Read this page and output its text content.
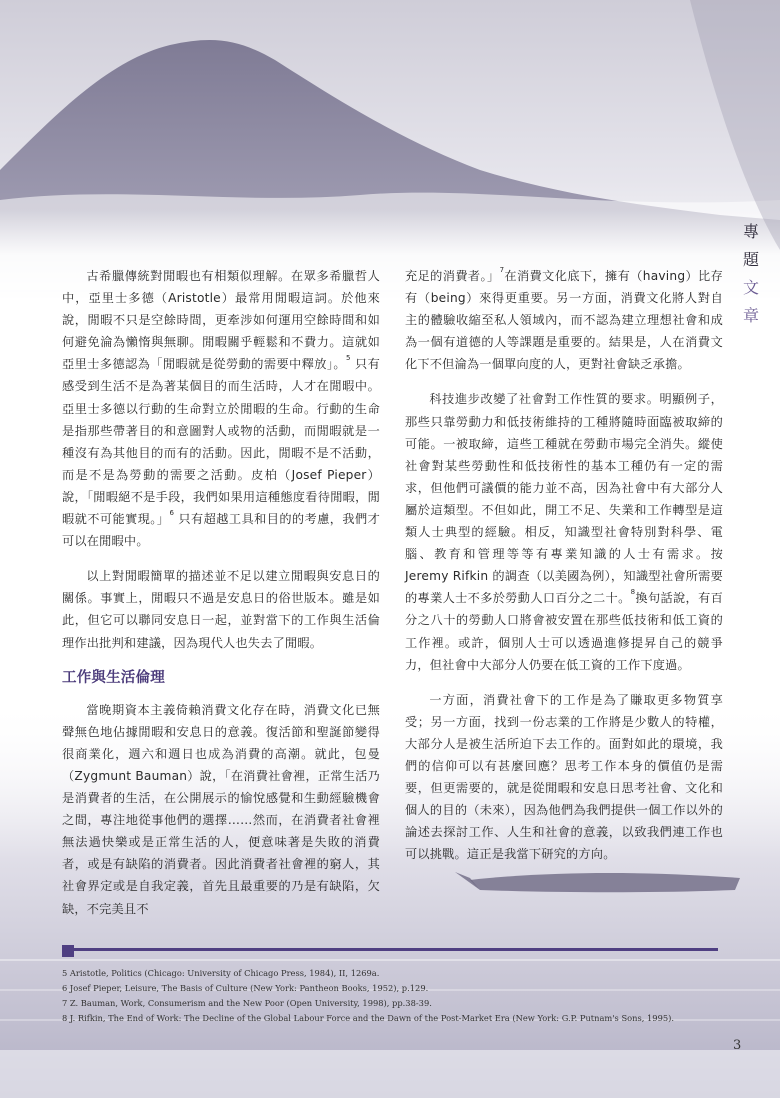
專
題
文
章

古希臘傳統對閒暇也有相類似理解。在眾多希臘哲人中，亞里士多德（Aristotle）最常用閒暇這詞。於他來說，閒暇不只是空餘時間，更牽涉如何運用空餘時間和如何避免淪為懶惰與無聊。閒暇關乎輕鬆和不費力。這就如亞里士多德認為「閒暇就是從勞動的需要中釋放」。$^5$ 只有感受到生活不是為著某個目的而生活時，人才在閒暇中。亞里士多德以行動的生命對立於閒暇的生命。行動的生命是指那些帶著目的和意圖對人或物的活動，而閒暇就是一種沒有為其他目的而有的活動。因此，閒暇不是不活動，而是不是為勞動的需要之活動。皮柏（Josef Pieper）說，「閒暇絕不是手段，我們如果用這種態度看待閒暇，閒暇就不可能實現。」$^6$ 只有超越工具和目的的考慮，我們才可以在閒暇中。

以上對閒暇簡單的描述並不足以建立閒暇與安息日的關係。事實上，閒暇只不過是安息日的俗世版本。雖是如此，但它可以聯同安息日一起，並對當下的工作與生活倫理作出批判和建議，因為現代人也失去了閒暇。

工作與生活倫理

當晚期資本主義倚賴消費文化存在時，消費文化已無聲無色地佔據閒暇和安息日的意義。復活節和聖誕節變得很商業化，週六和週日也成為消費的高潮。就此，包曼（Zygmunt Bauman）說，「在消費社會裡，正常生活乃是消費者的生活，在公開展示的愉悅感覺和生動經驗機會之間，專注地從事他們的選擇……然而，在消費者社會裡無法過快樂或是正常生活的人，便意味著是失敗的消費者，或是有缺陷的消費者。因此消費者社會裡的窮人，其社會界定或是自我定義，首先且最重要的乃是有缺陷，欠缺，不完美且不

充足的消費者。」$^7$在消費文化底下，擁有（having）比存有（being）來得更重要。另一方面，消費文化將人對自主的體驗收縮至私人領域內，而不認為建立理想社會和成為一個有道德的人等課題是重要的。結果是，人在消費文化下不但淪為一個單向度的人，更對社會缺乏承擔。

科技進步改變了社會對工作性質的要求。明顯例子，那些只靠勞動力和低技術維持的工種將隨時面臨被取締的可能。一被取締，這些工種就在勞動市場完全消失。縱使社會對某些勞動性和低技術性的基本工種仍有一定的需求，但他們可議價的能力並不高，因為社會中有大部分人屬於這類型。不但如此，開工不足、失業和工作轉型是這類人士典型的經驗。相反，知識型社會特別對科學、電腦、教育和管理等等有專業知識的人士有需求。按 Jeremy Rifkin 的調查（以美國為例），知識型社會所需要的專業人士不多於勞動人口百分之二十。$^8$換句話說，有百分之八十的勞動人口將會被安置在那些低技術和低工資的工作裡。或許，個別人士可以透過進修提昇自己的競爭力，但社會中大部分人仍要在低工資的工作下度過。

一方面，消費社會下的工作是為了賺取更多物質享受；另一方面，找到一份志業的工作將是少數人的特權，大部分人是被生活所迫下去工作的。面對如此的環境，我們的信仰可以有甚麼回應？思考工作本身的價值仍是需要，但更需要的，就是從閒暇和安息日思考社會、文化和個人的目的（未來），因為他們為我們提供一個工作以外的論述去探討工作、人生和社會的意義，以致我們連工作也可以挑戰。這正是我當下研究的方向。

5 Aristotle, Politics (Chicago: University of Chicago Press, 1984), II, 1269a.
6 Josef Pieper, Leisure, The Basis of Culture (New York: Pantheon Books, 1952), p.129.
7 Z. Bauman, Work, Consumerism and the New Poor (Open University, 1998), pp.38-39.
8 J. Rifkin, The End of Work: The Decline of the Global Labour Force and the Dawn of the Post-Market Era (New York: G.P. Putnam's Sons, 1995).
3
